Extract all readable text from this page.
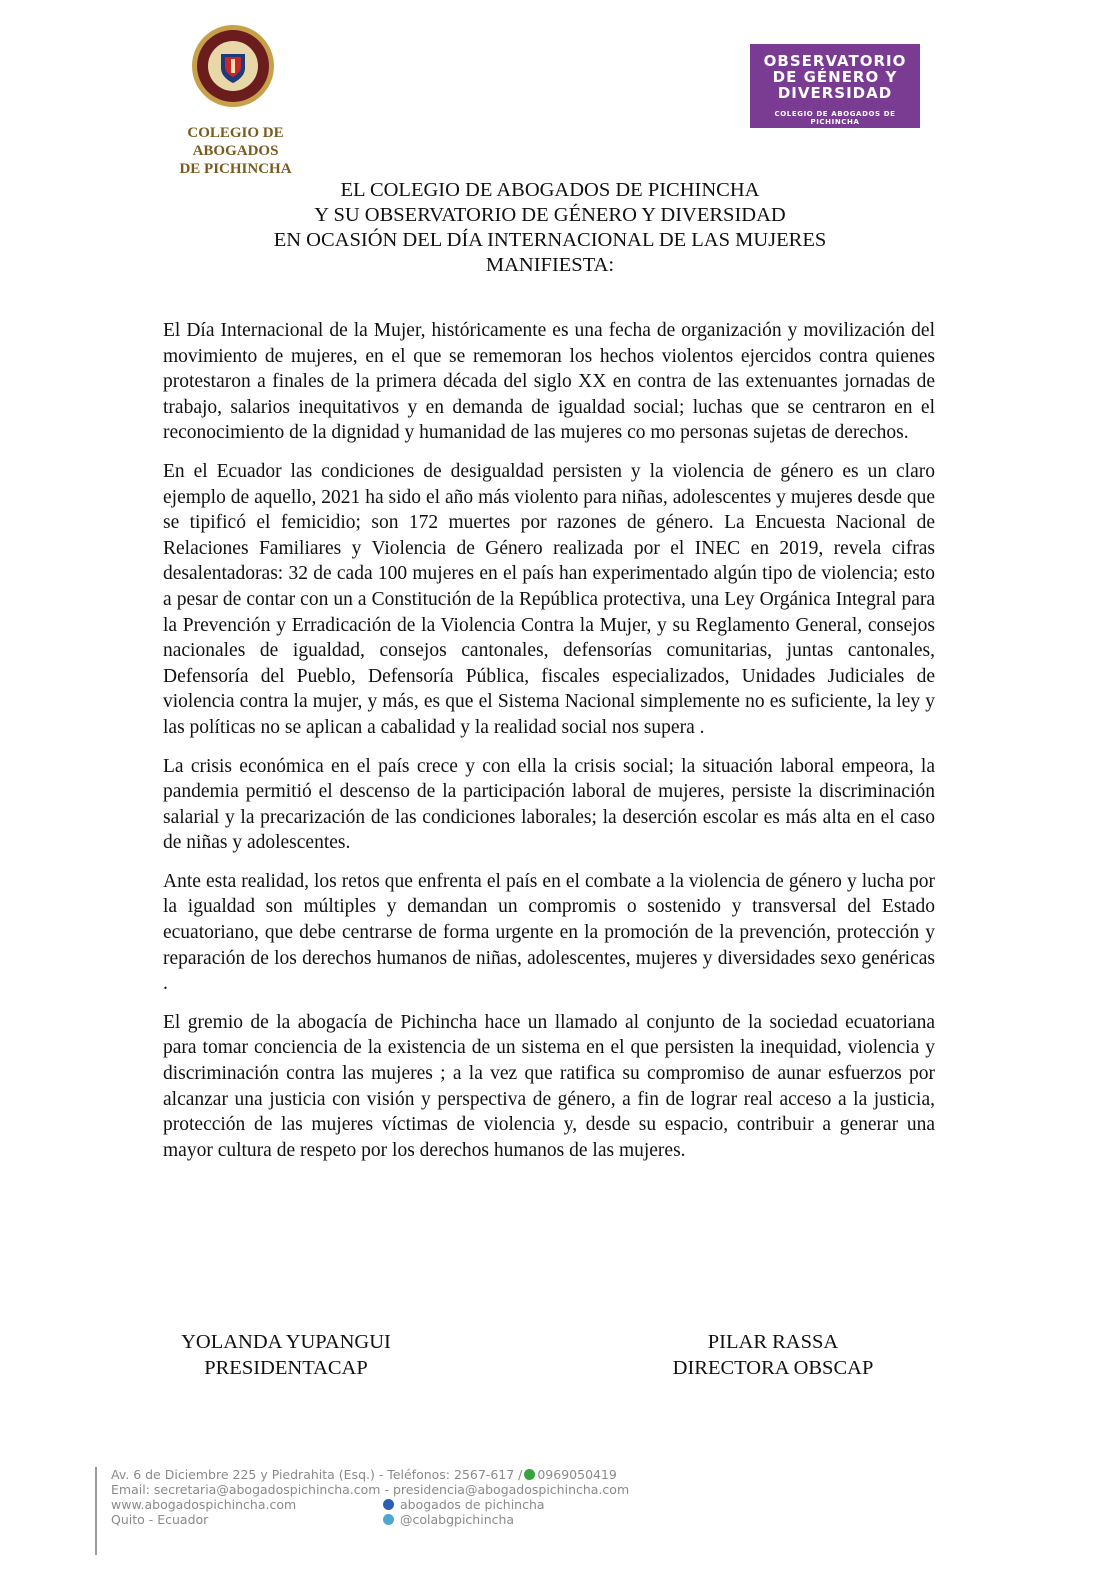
COLEGIO DE ABOGADOS
DE PICHINCHA
OBSERVATORIO
DE GÉNERO Y
DIVERSIDAD
COLEGIO DE ABOGADOS DE PICHINCHA
EL COLEGIO DE ABOGADOS DE PICHINCHA
Y SU OBSERVATORIO DE GÉNERO Y DIVERSIDAD
EN OCASIÓN DEL DÍA INTERNACIONAL DE LAS MUJERES
MANIFIESTA:

El Día Internacional de la Mujer, históricamente es una fecha de organización y movilización del movimiento de mujeres, en el que se rememoran los hechos violentos ejercidos contra quienes protestaron a finales de la primera década del siglo XX en contra de las extenuantes jornadas de trabajo, salarios inequitativos y en demanda de igualdad social; luchas que se centraron en el reconocimiento de la dignidad y humanidad de las mujeres co mo personas sujetas de derechos.

En el Ecuador las condiciones de desigualdad persisten y la violencia de género es un claro ejemplo de aquello, 2021 ha sido el año más violento para niñas, adolescentes y mujeres desde que se tipificó el femicidio; son 172 muertes por razones de género. La Encuesta Nacional de Relaciones Familiares y Violencia de Género realizada por el INEC en 2019, revela cifras desalentadoras: 32 de cada 100 mujeres en el país han experimentado algún tipo de violencia; esto a pesar de contar con un a Constitución de la República protectiva, una Ley Orgánica Integral para la Prevención y Erradicación de la Violencia Contra la Mujer, y su Reglamento General, consejos nacionales de igualdad, consejos cantonales, defensorías comunitarias, juntas cantonales, Defensoría del Pueblo, Defensoría Pública, fiscales especializados, Unidades Judiciales de violencia contra la mujer, y más, es que el Sistema Nacional simplemente no es suficiente, la ley y las políticas no se aplican a cabalidad y la realidad social nos supera .

La crisis económica en el país crece y con ella la crisis social; la situación laboral empeora, la pandemia permitió el descenso de la participación laboral de mujeres, persiste la discriminación salarial y la precarización de las condiciones laborales; la deserción escolar es más alta en el caso de niñas y adolescentes.

Ante esta realidad, los retos que enfrenta el país en el combate a la violencia de género y lucha por la igualdad son múltiples y demandan un compromis o sostenido y transversal del Estado ecuatoriano, que debe centrarse de forma urgente en la promoción de la prevención, protección y reparación de los derechos humanos de niñas, adolescentes, mujeres y diversidades sexo genéricas .

El gremio de la abogacía de Pichincha hace un llamado al conjunto de la sociedad ecuatoriana para tomar conciencia de la existencia de un sistema en el que persisten la inequidad, violencia y discriminación contra las mujeres ; a la vez que ratifica su compromiso de aunar esfuerzos por alcanzar una justicia con visión y perspectiva de género, a fin de lograr real acceso a la justicia, protección de las mujeres víctimas de violencia y, desde su espacio, contribuir a generar una mayor cultura de respeto por los derechos humanos de las mujeres.

YOLANDA YUPANGUI
PRESIDENTACAP
PILAR RASSA
DIRECTORA OBSCAP
Av. 6 de Diciembre 225 y Piedrahita (Esq.) - Teléfonos: 2567-617 / 0969050419
Email: secretaria@abogadospichincha.com - presidencia@abogadospichincha.com
www.abogadospichincha.com
Quito - Ecuador
abogados de pichincha
@colabgpichincha
